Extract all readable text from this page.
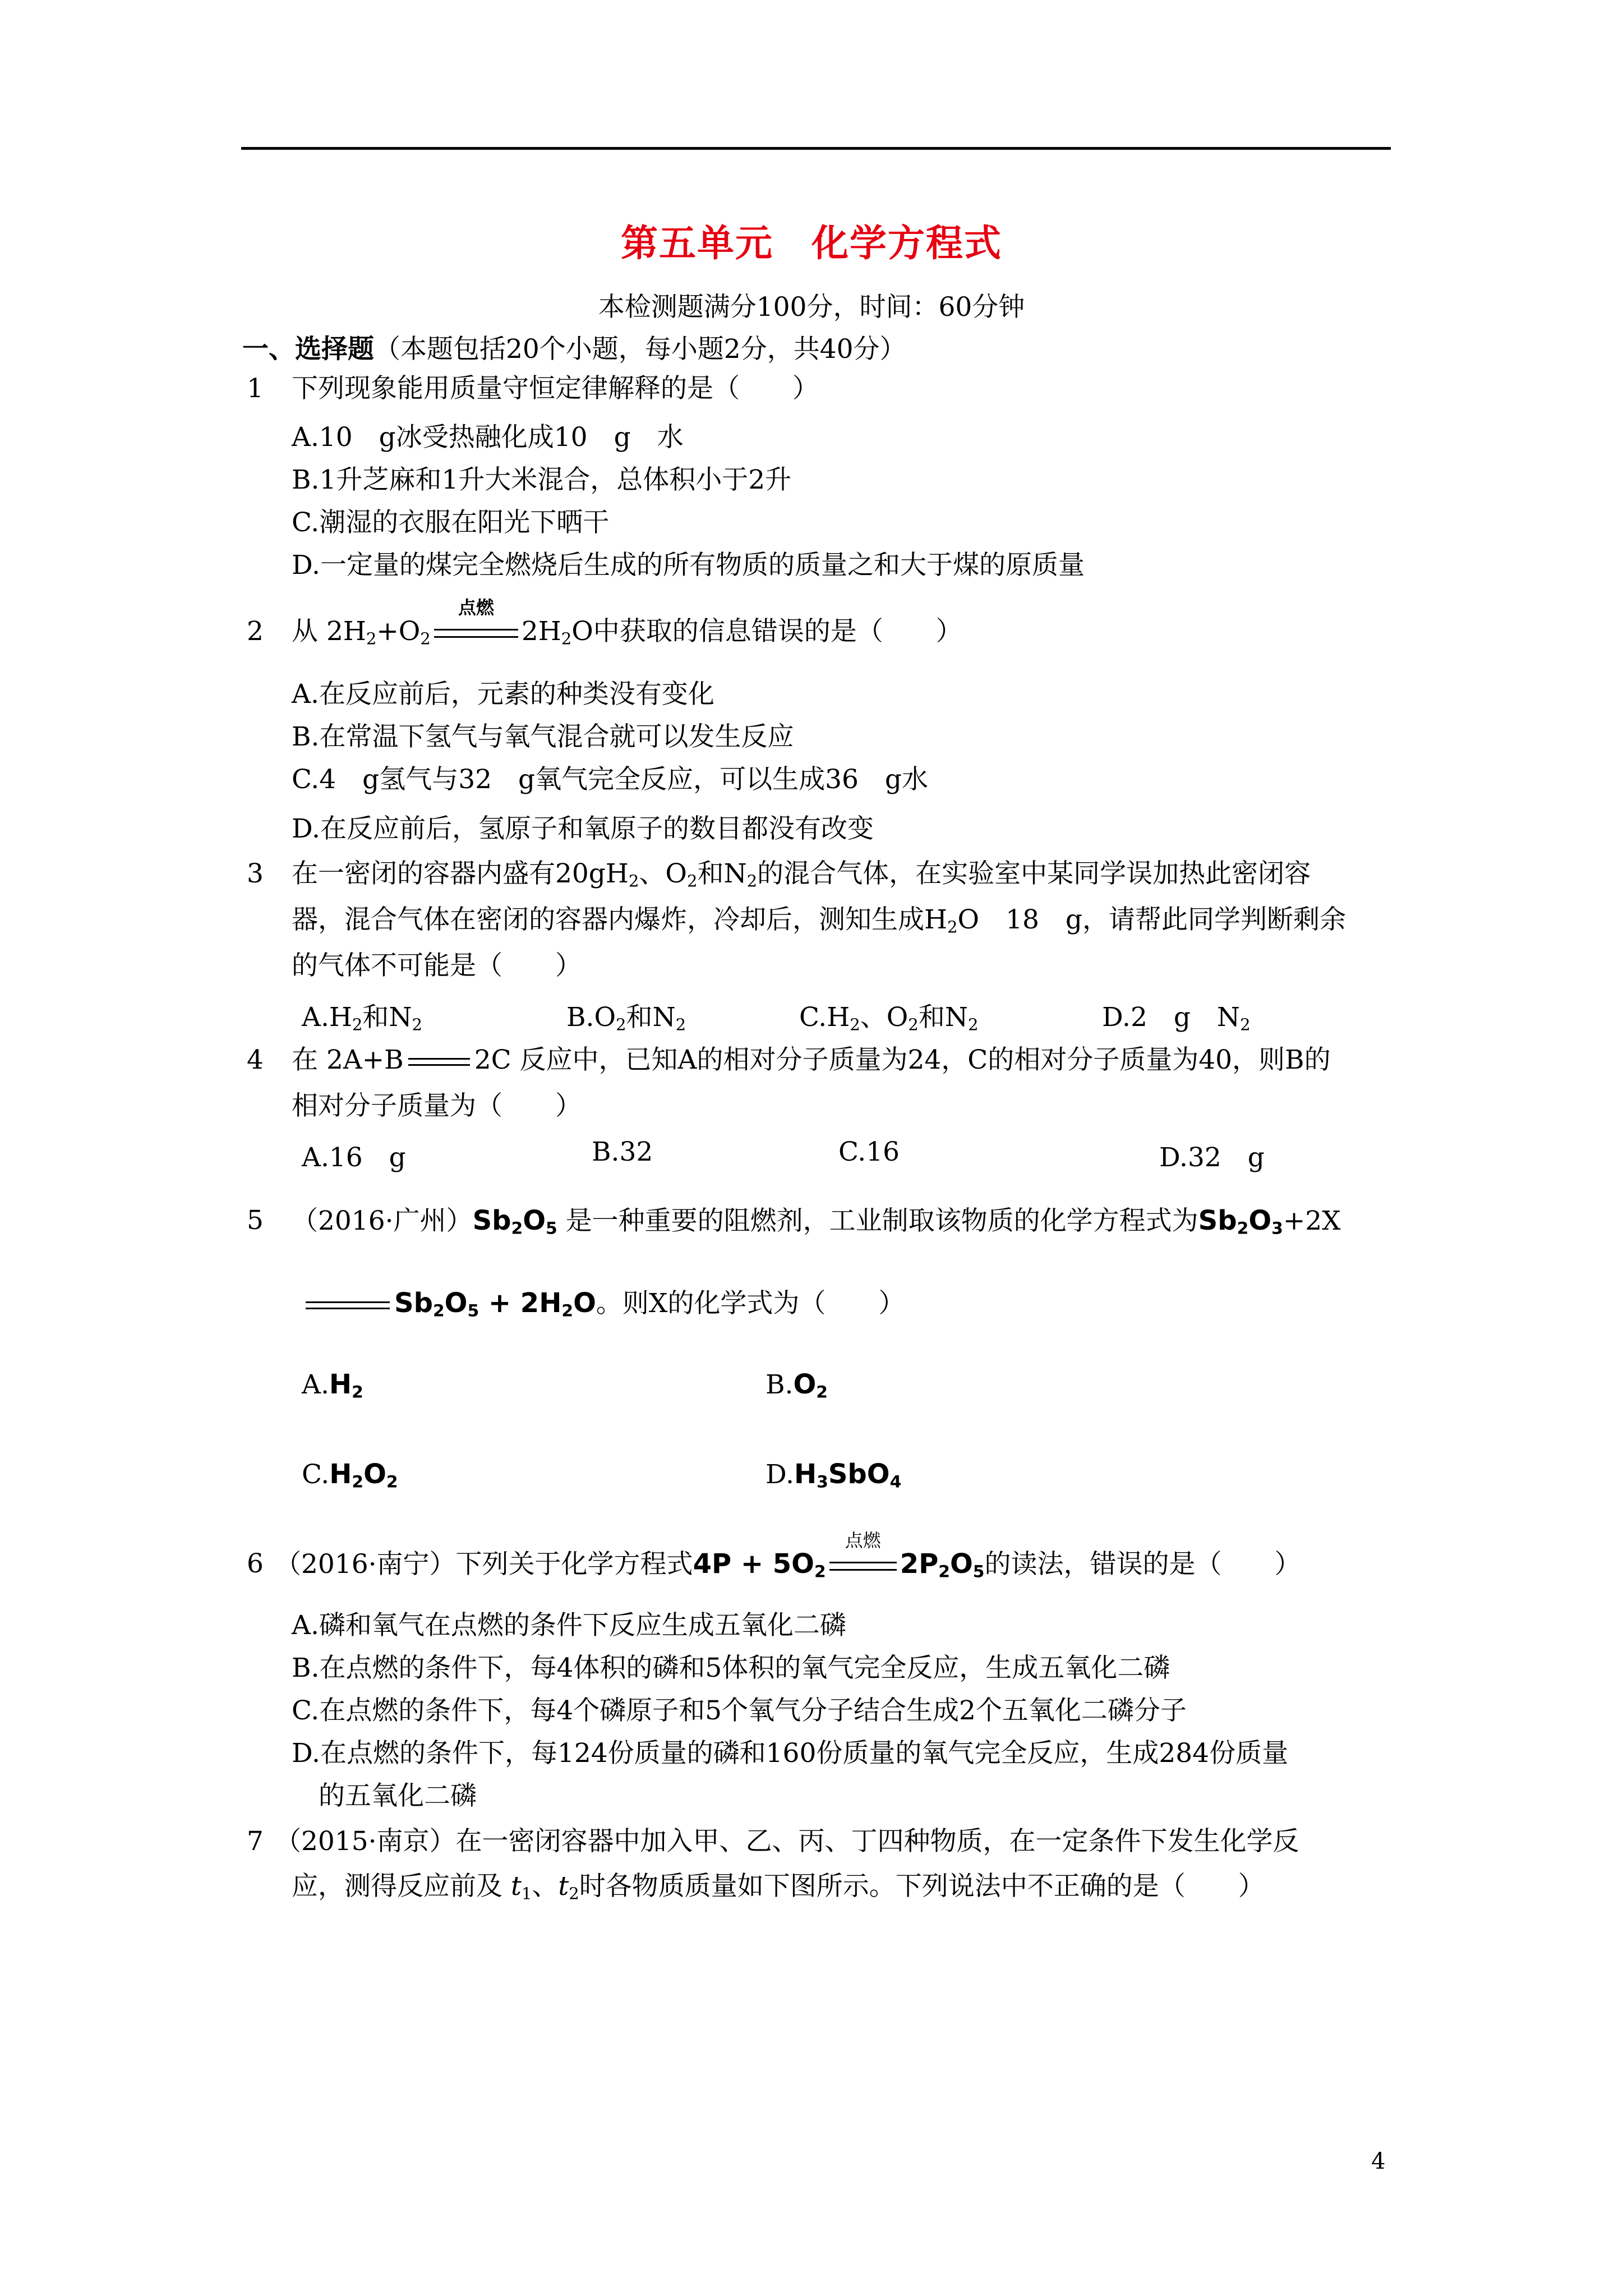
第五单元　化学方程式
本检测题满分100分，时间：60分钟
一、选择题（本题包括20个小题，每小题2分，共40分）
1 下列现象能用质量守恒定律解释的是（　　）
A.10　g冰受热融化成10　g　水
B.1升芝麻和1升大米混合，总体积小于2升
C.潮湿的衣服在阳光下晒干
D.一定量的煤完全燃烧后生成的所有物质的质量之和大于煤的原质量
2 从 $2H_2+O_2$
点燃
$2H_2O$中获取的信息错误的是（　　）
A.在反应前后，元素的种类没有变化
B.在常温下氢气与氧气混合就可以发生反应
C.4　g氢气与32　g氧气完全反应，可以生成36　g水
D.在反应前后，氢原子和氧原子的数目都没有改变
3 在一密闭的容器内盛有$20gH_2$、$O_2$和$N_2$的混合气体，在实验室中某同学误加热此密闭容
器，混合气体在密闭的容器内爆炸，冷却后，测知生成$H_2O$　18　g，请帮此同学判断剩余
的气体不可能是（　　）
$A.H_2$和$N_2$	$B.O_2$和$N_2$	$C.H_2$、$O_2$和$N_2$	D.2　g　$N_2$
4 在 2A+B	2C 反应中，已知A的相对分子质量为24，C的相对分子质量为40，则B的
相对分子质量为（　　）
A.16　g	B.32	C.16	D.32　g
5 （2016·广州）$Sb_2O_5$ 是一种重要的阻燃剂，工业制取该物质的化学方程式为$Sb_2O_3+2X$
$Sb_2O_5 + 2H_2O$。则X的化学式为（　　）
$A.H_2$	$B.O_2$
$C.H_2O_2$	$D.H_3SbO_4$
6 （2016·南宁）下列关于化学方程式$4P + 5O_2$
点燃
$2P_2O_5$的读法，错误的是（　　）
A.磷和氧气在点燃的条件下反应生成五氧化二磷
B.在点燃的条件下，每4体积的磷和5体积的氧气完全反应，生成五氧化二磷
C.在点燃的条件下，每4个磷原子和5个氧气分子结合生成2个五氧化二磷分子
D.在点燃的条件下，每124份质量的磷和160份质量的氧气完全反应，生成284份质量
的五氧化二磷
7 （2015·南京）在一密闭容器中加入甲、乙、丙、丁四种物质，在一定条件下发生化学反
应，测得反应前及 $t_1$、$t_2$时各物质质量如下图所示。下列说法中不正确的是（　　）
4
